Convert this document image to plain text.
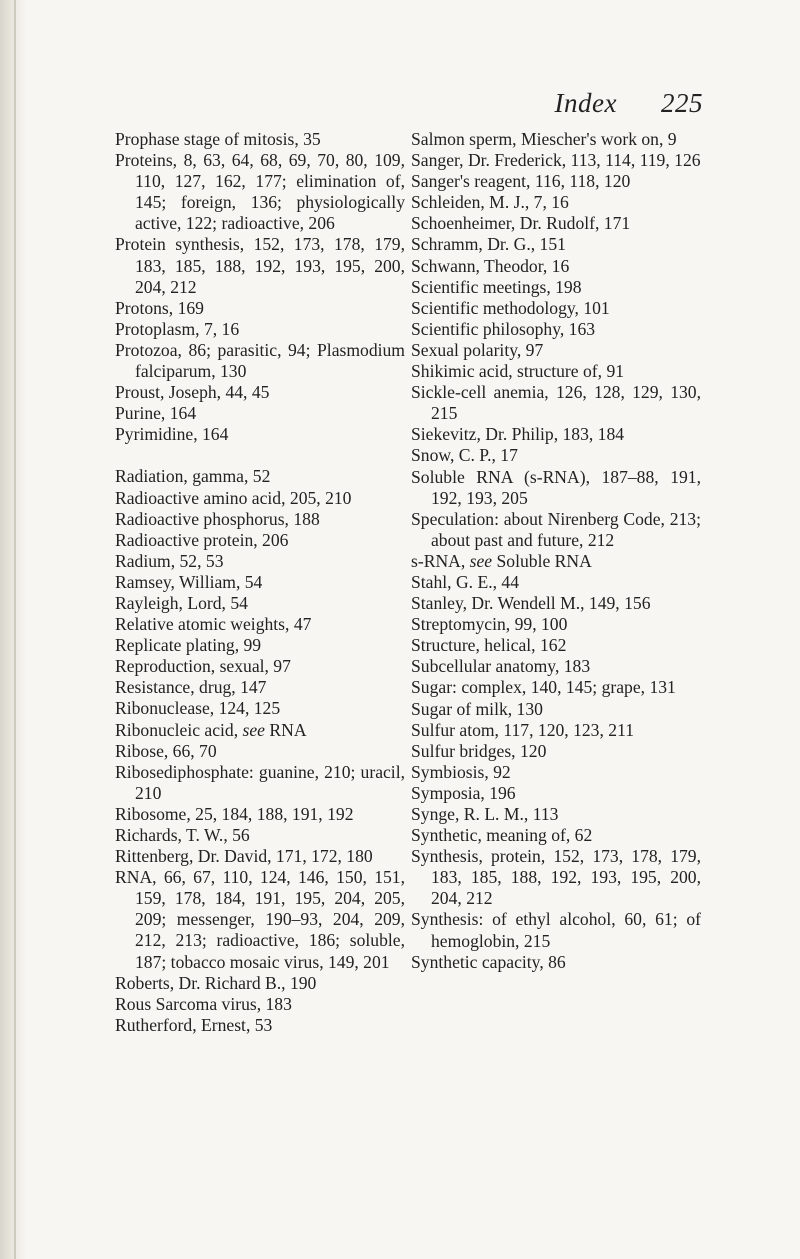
Index 225
Prophase stage of mitosis, 35
Proteins, 8, 63, 64, 68, 69, 70, 80, 109, 110, 127, 162, 177; elimination of, 145; foreign, 136; physiologically active, 122; radioactive, 206
Protein synthesis, 152, 173, 178, 179, 183, 185, 188, 192, 193, 195, 200, 204, 212
Protons, 169
Protoplasm, 7, 16
Protozoa, 86; parasitic, 94; Plasmodium falciparum, 130
Proust, Joseph, 44, 45
Purine, 164
Pyrimidine, 164
Radiation, gamma, 52
Radioactive amino acid, 205, 210
Radioactive phosphorus, 188
Radioactive protein, 206
Radium, 52, 53
Ramsey, William, 54
Rayleigh, Lord, 54
Relative atomic weights, 47
Replicate plating, 99
Reproduction, sexual, 97
Resistance, drug, 147
Ribonuclease, 124, 125
Ribonucleic acid, see RNA
Ribose, 66, 70
Ribosediphosphate: guanine, 210; uracil, 210
Ribosome, 25, 184, 188, 191, 192
Richards, T. W., 56
Rittenberg, Dr. David, 171, 172, 180
RNA, 66, 67, 110, 124, 146, 150, 151, 159, 178, 184, 191, 195, 204, 205, 209; messenger, 190–93, 204, 209, 212, 213; radioactive, 186; soluble, 187; tobacco mosaic virus, 149, 201
Roberts, Dr. Richard B., 190
Rous Sarcoma virus, 183
Rutherford, Ernest, 53
Salmon sperm, Miescher's work on, 9
Sanger, Dr. Frederick, 113, 114, 119, 126
Sanger's reagent, 116, 118, 120
Schleiden, M. J., 7, 16
Schoenheimer, Dr. Rudolf, 171
Schramm, Dr. G., 151
Schwann, Theodor, 16
Scientific meetings, 198
Scientific methodology, 101
Scientific philosophy, 163
Sexual polarity, 97
Shikimic acid, structure of, 91
Sickle-cell anemia, 126, 128, 129, 130, 215
Siekevitz, Dr. Philip, 183, 184
Snow, C. P., 17
Soluble RNA (s-RNA), 187–88, 191, 192, 193, 205
Speculation: about Nirenberg Code, 213; about past and future, 212
s-RNA, see Soluble RNA
Stahl, G. E., 44
Stanley, Dr. Wendell M., 149, 156
Streptomycin, 99, 100
Structure, helical, 162
Subcellular anatomy, 183
Sugar: complex, 140, 145; grape, 131
Sugar of milk, 130
Sulfur atom, 117, 120, 123, 211
Sulfur bridges, 120
Symbiosis, 92
Symposia, 196
Synge, R. L. M., 113
Synthetic, meaning of, 62
Synthesis, protein, 152, 173, 178, 179, 183, 185, 188, 192, 193, 195, 200, 204, 212
Synthesis: of ethyl alcohol, 60, 61; of hemoglobin, 215
Synthetic capacity, 86
